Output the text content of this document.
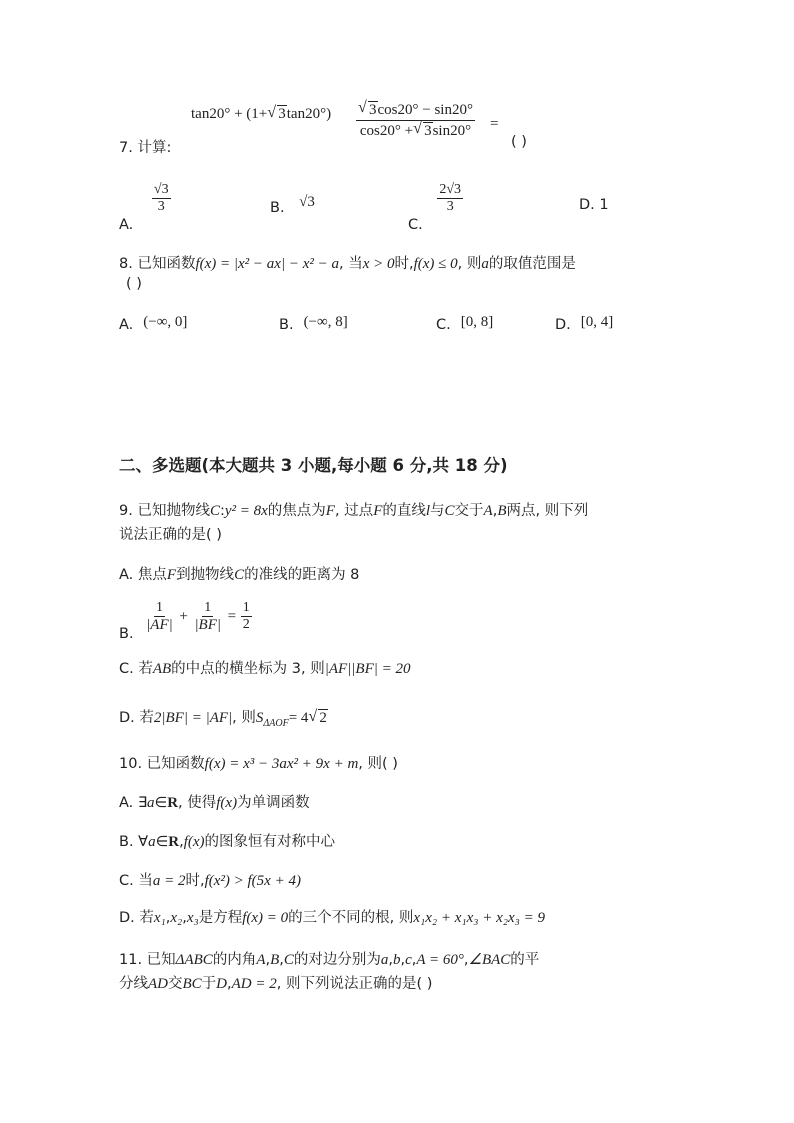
tan20° + (1+√ 3tan20°)
√ $\frac{3\cos 20^\circ - \sin 20^\circ}{\cos 20^\circ +√ 3\sin 20^\circ}$ =
7. 计算:	( )
A.
$\frac{√3}{3}$	B. √3
C.
$\frac{2√3}{3}$	D. 1
8. 已知函数f(x) = |x² − ax| − x² − a, 当x > 0时,f(x) ≤ 0, 则a的取值范围是
( )
A. (−∞, 0]	B. (−∞, 8]	C. [0, 8]	D. [0, 4]
二、多选题(本大题共 3 小题,每小题 6 分,共 18 分)
9. 已知抛物线C:y² = 8x的焦点为F, 过点F的直线l与C交于A,B两点, 则下列
说法正确的是( )
A. 焦点F到抛物线C的准线的距离为 8
B.
$\frac{1}{|AF|} + \frac{1}{|BF|} = \frac{1}{2}$
C. 若AB的中点的横坐标为 3, 则|AF||BF| = 20
D. 若2|BF| = |AF|, 则$S_{\Delta AOF}= 4√$ 2
10. 已知函数f(x) = x³ − 3ax² + 9x + m, 则( )
A. ∃a∈R, 使得f(x)为单调函数
B. ∀a∈R,f(x)的图象恒有对称中心
C. 当a = 2时,f(x²) > f(5x + 4)
D. 若x₁,x₂,x₃是方程f(x) = 0的三个不同的根, 则x₁x₂ + x₁x₃ + x₂x₃ = 9
11. 已知ΔABC的内角A,B,C的对边分别为a,b,c,A = 60°,∠BAC的平
分线AD交BC于D,AD = 2, 则下列说法正确的是( )
